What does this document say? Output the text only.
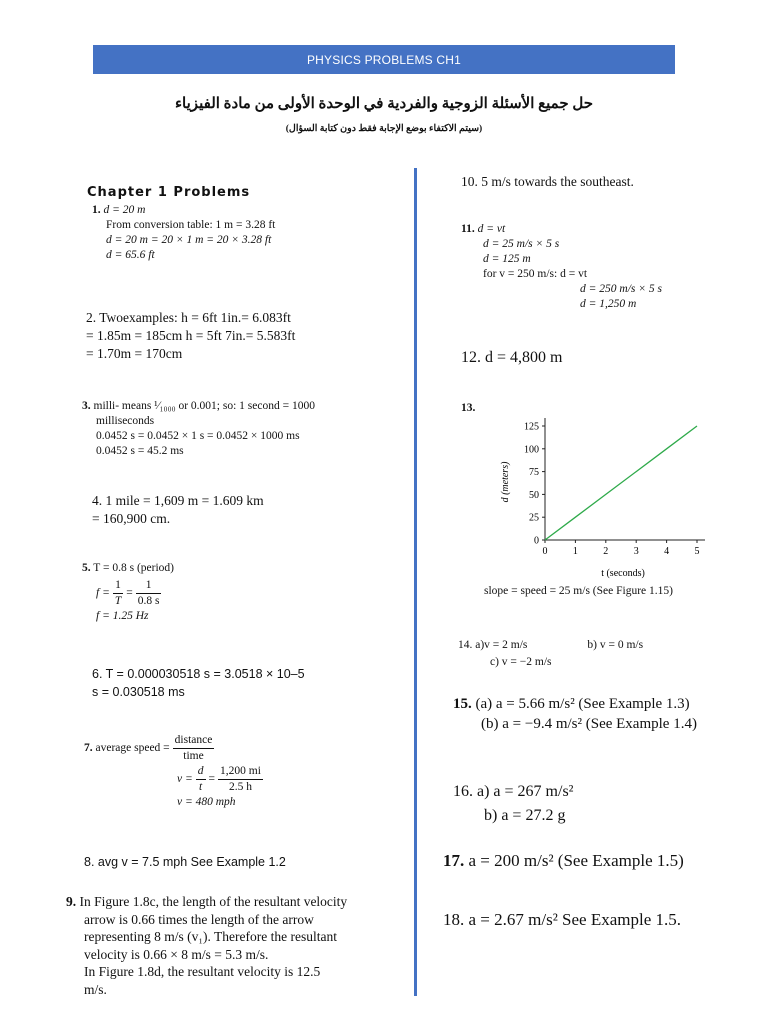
PHYSICS PROBLEMS CH1
حل جميع الأسئلة الزوجية والفردية في الوحدة الأولى من مادة الفيزياء
(سيتم الاكتفاء بوضع الإجابة فقط دون كتابة السؤال)
Chapter 1 Problems
1. d = 20 m
From conversion table: 1 m = 3.28 ft
d = 20 m = 20 × 1 m = 20 × 3.28 ft
d = 65.6 ft
2. Twoexamples: h = 6ft 1in.= 6.083ft
= 1.85m = 185cm h = 5ft 7in.= 5.583ft
= 1.70m = 170cm
3. milli- means ¹⁄₁₀₀₀ or 0.001; so: 1 second = 1000
milliseconds
0.0452 s = 0.0452 × 1 s = 0.0452 × 1000 ms
0.0452 s = 45.2 ms
4. 1 mile = 1,609 m = 1.609 km
= 160,900 cm.
5. T = 0.8 s (period)
$f = \frac{1}{T} = \frac{1}{0.8 s}$
f = 1.25 Hz
6. T = 0.000030518 s = 3.0518 × 10–5
s = 0.030518 ms
7.
average speed = $\frac{\text{distance}}{\text{time}}$
$v = \frac{d}{t} = \frac{1,200 mi}{2.5 h}$
v = 480 mph
8. avg v = 7.5 mph See Example 1.2
9. In Figure 1.8c, the length of the resultant velocity
arrow is 0.66 times the length of the arrow
representing 8 m/s (v₁). Therefore the resultant
velocity is 0.66 × 8 m/s = 5.3 m/s.
In Figure 1.8d, the resultant velocity is 12.5
m/s.
10. 5 m/s towards the southeast.
11. d = vt
d = 25 m/s × 5 s
d = 125 m
for v = 250 m/s: d = vt
d = 250 m/s × 5 s
d = 1,250 m
12. d = 4,800 m
13.
0	1	2	3	4	5
0
25
50
75
100
125
d (meters)
t (seconds)
slope = speed = 25 m/s (See Figure 1.15)
14. a)v = 2 m/s	b) v = 0 m/s
c) v = −2 m/s
15. (a) a = 5.66 m/s² (See Example 1.3)
(b) a = −9.4 m/s² (See Example 1.4)
16. a) a = 267 m/s²
b) a = 27.2 g
17. a = 200 m/s² (See Example 1.5)
18. a = 2.67 m/s² See Example 1.5.
